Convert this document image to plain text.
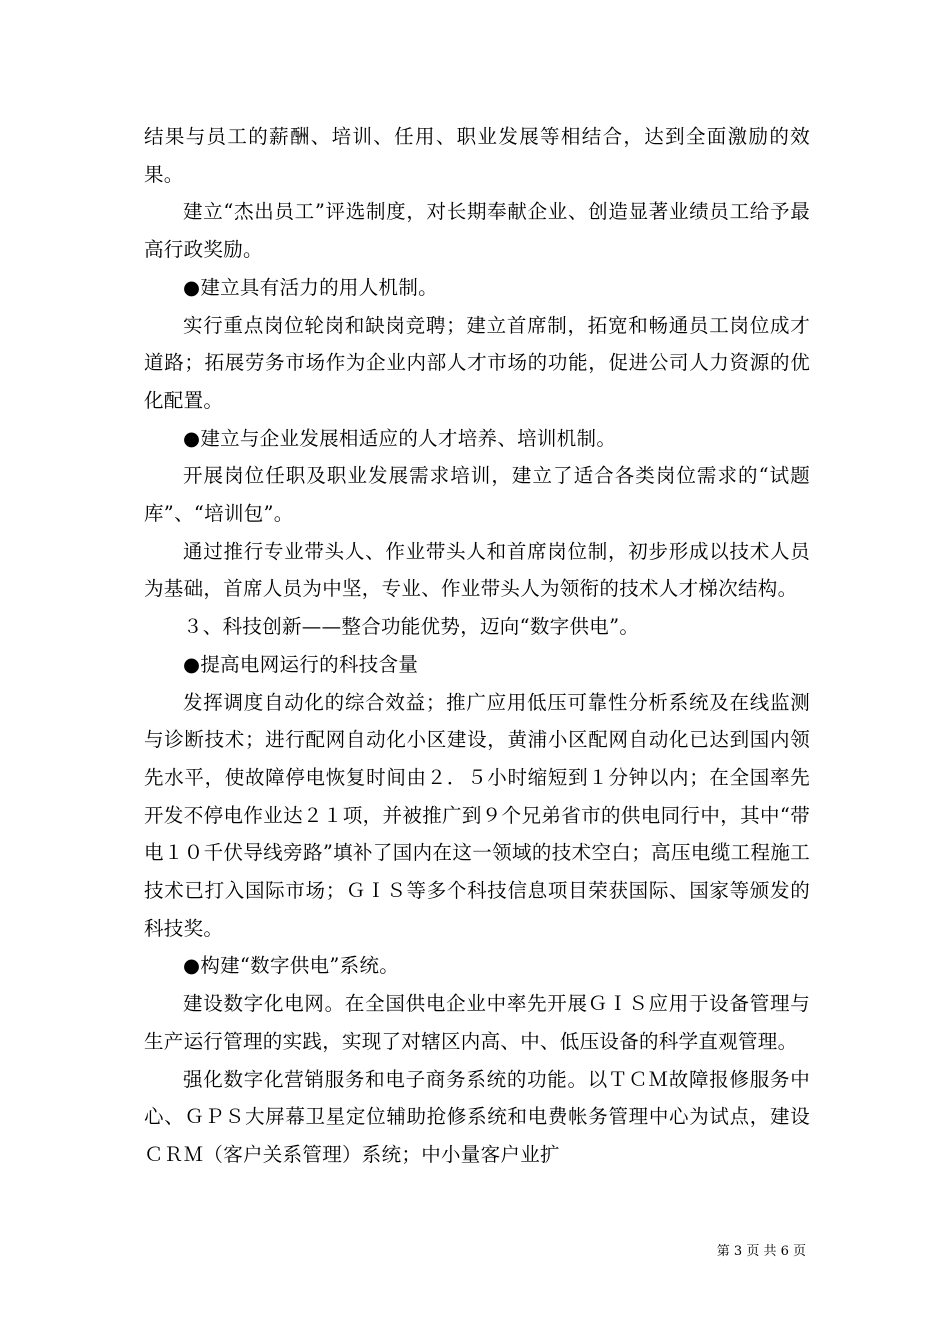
结果与员工的薪酬、培训、任用、职业发展等相结合，达到全面激励的效果。

建立“杰出员工”评选制度，对长期奉献企业、创造显著业绩员工给予最高行政奖励。

●建立具有活力的用人机制。

实行重点岗位轮岗和缺岗竞聘；建立首席制，拓宽和畅通员工岗位成才道路；拓展劳务市场作为企业内部人才市场的功能，促进公司人力资源的优化配置。

●建立与企业发展相适应的人才培养、培训机制。

开展岗位任职及职业发展需求培训，建立了适合各类岗位需求的“试题库”、“培训包”。

通过推行专业带头人、作业带头人和首席岗位制，初步形成以技术人员为基础，首席人员为中坚，专业、作业带头人为领衔的技术人才梯次结构。

３、科技创新——整合功能优势，迈向“数字供电”。

●提高电网运行的科技含量

发挥调度自动化的综合效益；推广应用低压可靠性分析系统及在线监测与诊断技术；进行配网自动化小区建设，黄浦小区配网自动化已达到国内领先水平，使故障停电恢复时间由２．５小时缩短到１分钟以内；在全国率先开发不停电作业达２１项，并被推广到９个兄弟省市的供电同行中，其中“带电１０千伏导线旁路”填补了国内在这一领域的技术空白；高压电缆工程施工技术已打入国际市场；ＧＩＳ等多个科技信息项目荣获国际、国家等颁发的科技奖。

●构建“数字供电”系统。

建设数字化电网。在全国供电企业中率先开展ＧＩＳ应用于设备管理与生产运行管理的实践，实现了对辖区内高、中、低压设备的科学直观管理。

强化数字化营销服务和电子商务系统的功能。以ＴＣＭ故障报修服务中心、ＧＰＳ大屏幕卫星定位辅助抢修系统和电费帐务管理中心为试点，建设ＣＲＭ（客户关系管理）系统；中小量客户业扩

第 3 页 共 6 页
